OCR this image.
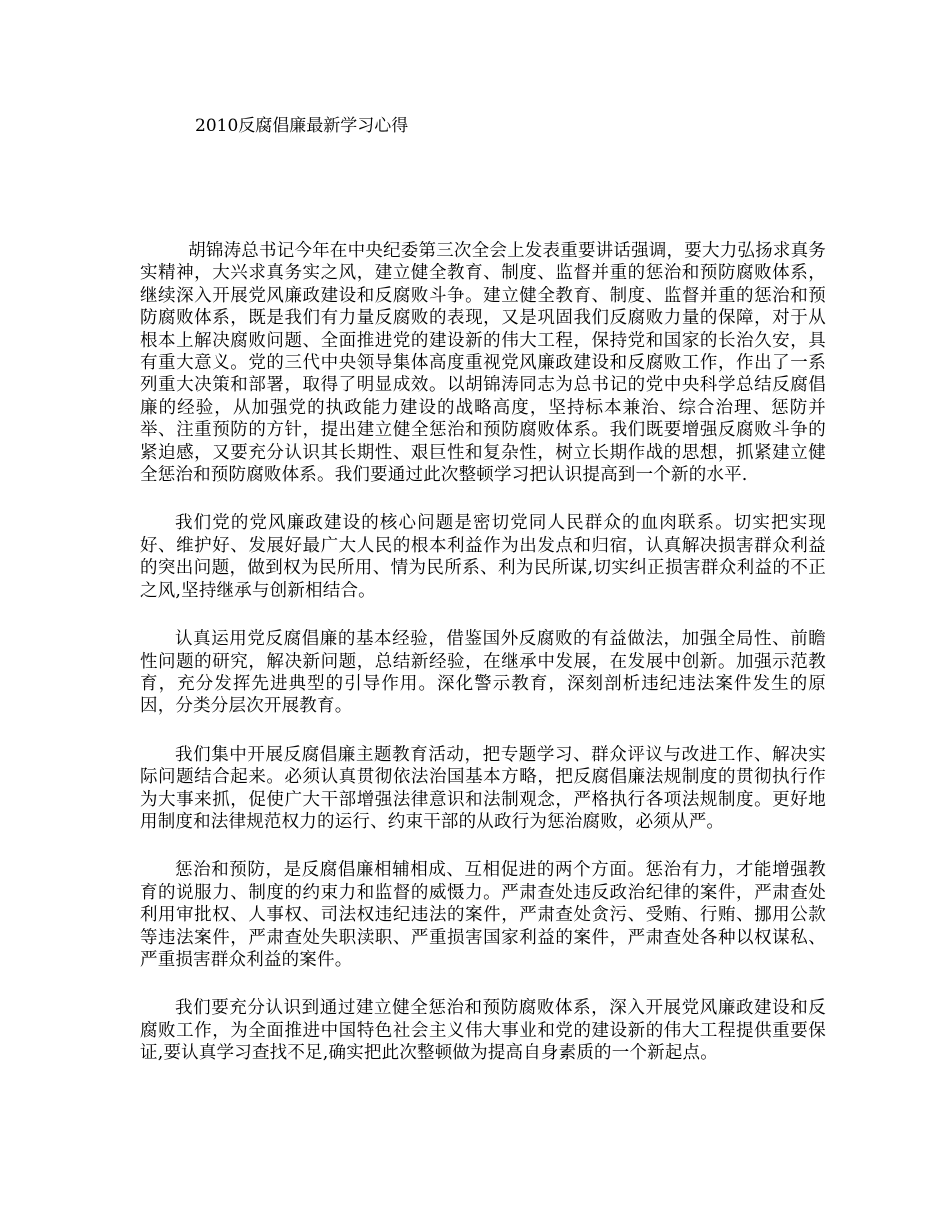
2010反腐倡廉最新学习心得

胡锦涛总书记今年在中央纪委第三次全会上发表重要讲话强调，要大力弘扬求真务实精神，大兴求真务实之风，建立健全教育、制度、监督并重的惩治和预防腐败体系，继续深入开展党风廉政建设和反腐败斗争。建立健全教育、制度、监督并重的惩治和预防腐败体系，既是我们有力量反腐败的表现，又是巩固我们反腐败力量的保障，对于从根本上解决腐败问题、全面推进党的建设新的伟大工程，保持党和国家的长治久安，具有重大意义。党的三代中央领导集体高度重视党风廉政建设和反腐败工作，作出了一系列重大决策和部署，取得了明显成效。以胡锦涛同志为总书记的党中央科学总结反腐倡廉的经验，从加强党的执政能力建设的战略高度，坚持标本兼治、综合治理、惩防并举、注重预防的方针，提出建立健全惩治和预防腐败体系。我们既要增强反腐败斗争的紧迫感，又要充分认识其长期性、艰巨性和复杂性，树立长期作战的思想，抓紧建立健全惩治和预防腐败体系。我们要通过此次整顿学习把认识提高到一个新的水平.

我们党的党风廉政建设的核心问题是密切党同人民群众的血肉联系。切实把实现好、维护好、发展好最广大人民的根本利益作为出发点和归宿，认真解决损害群众利益的突出问题，做到权为民所用、情为民所系、利为民所谋,切实纠正损害群众利益的不正之风,坚持继承与创新相结合。

认真运用党反腐倡廉的基本经验，借鉴国外反腐败的有益做法，加强全局性、前瞻性问题的研究，解决新问题，总结新经验，在继承中发展，在发展中创新。加强示范教育，充分发挥先进典型的引导作用。深化警示教育，深刻剖析违纪违法案件发生的原因，分类分层次开展教育。

我们集中开展反腐倡廉主题教育活动，把专题学习、群众评议与改进工作、解决实际问题结合起来。必须认真贯彻依法治国基本方略，把反腐倡廉法规制度的贯彻执行作为大事来抓，促使广大干部增强法律意识和法制观念，严格执行各项法规制度。更好地用制度和法律规范权力的运行、约束干部的从政行为惩治腐败，必须从严。

惩治和预防，是反腐倡廉相辅相成、互相促进的两个方面。惩治有力，才能增强教育的说服力、制度的约束力和监督的威慑力。严肃查处违反政治纪律的案件，严肃查处利用审批权、人事权、司法权违纪违法的案件，严肃查处贪污、受贿、行贿、挪用公款等违法案件，严肃查处失职渎职、严重损害国家利益的案件，严肃查处各种以权谋私、严重损害群众利益的案件。

我们要充分认识到通过建立健全惩治和预防腐败体系，深入开展党风廉政建设和反腐败工作，为全面推进中国特色社会主义伟大事业和党的建设新的伟大工程提供重要保证,要认真学习查找不足,确实把此次整顿做为提高自身素质的一个新起点。
